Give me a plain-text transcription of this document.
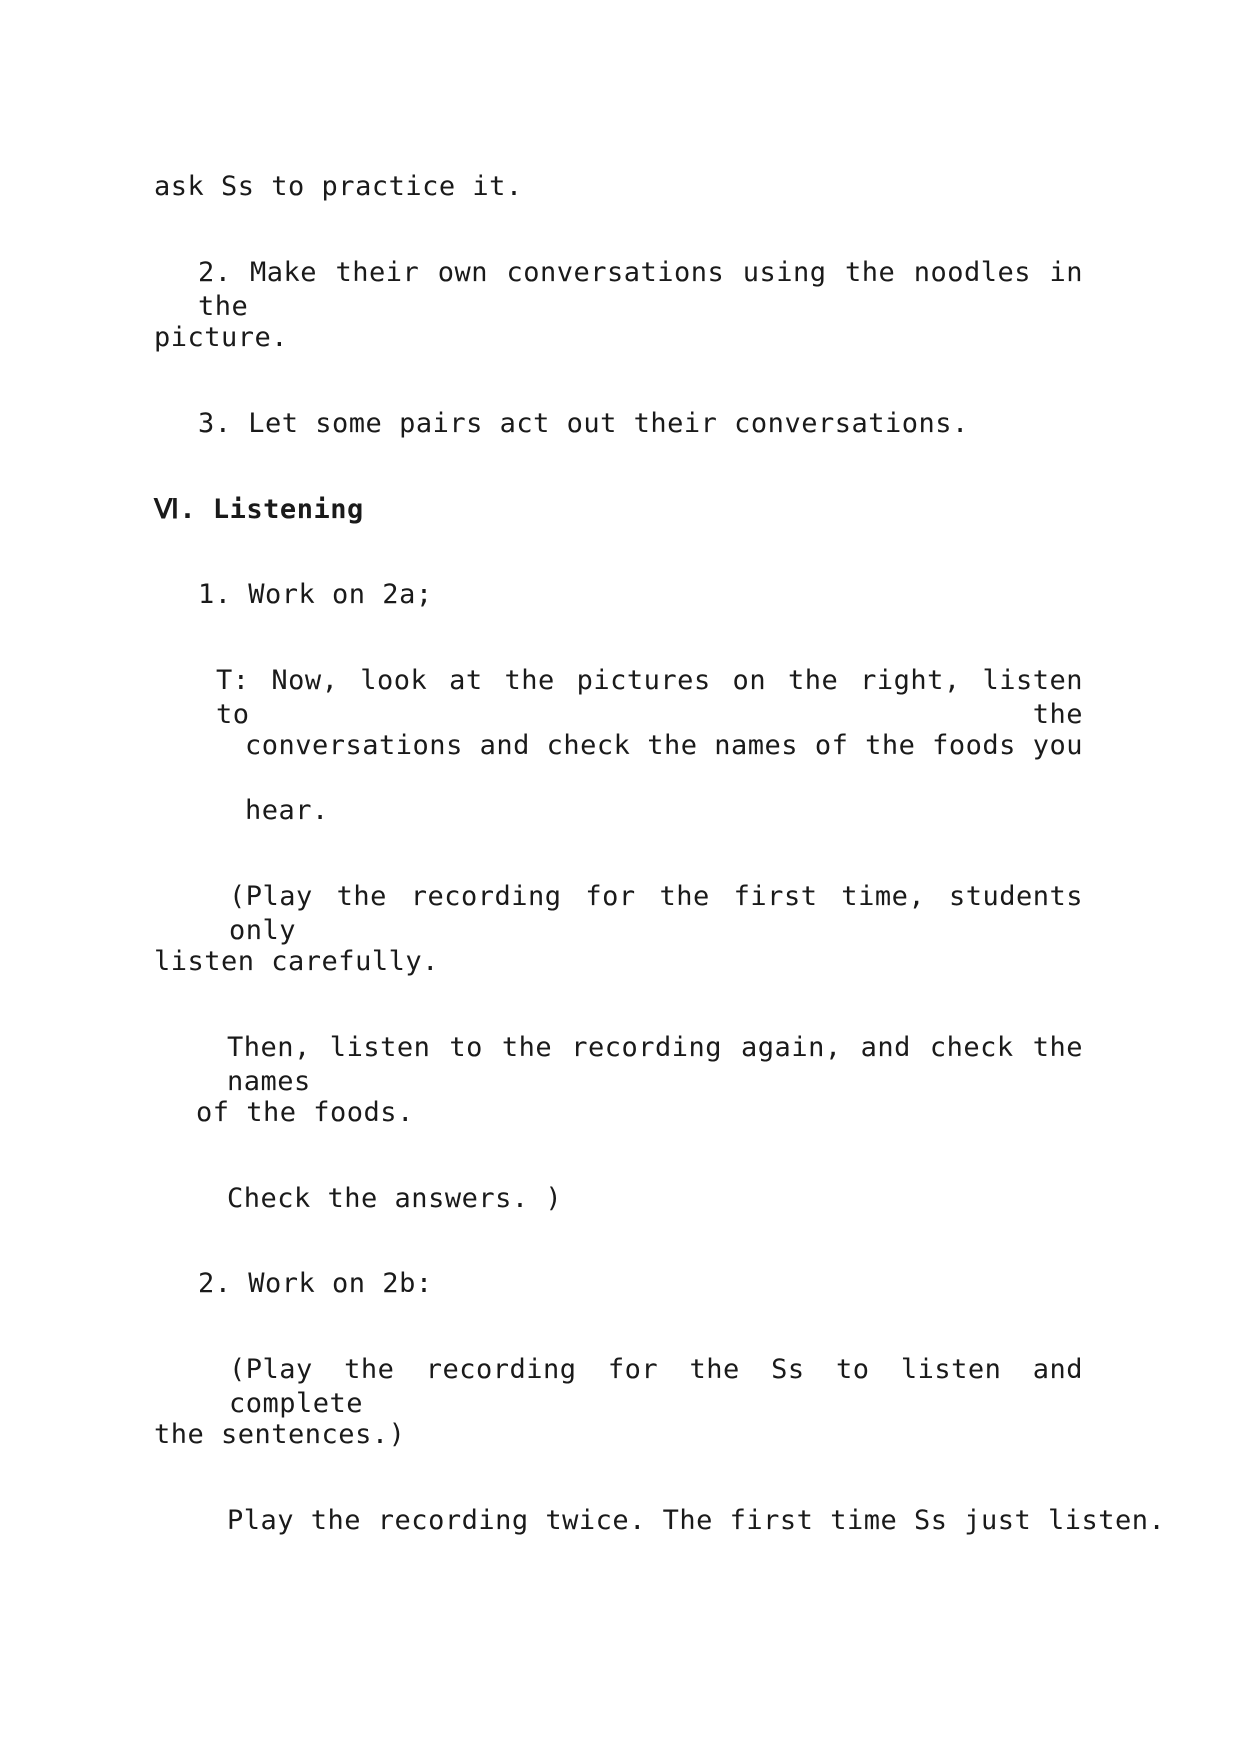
ask Ss to practice it.
2. Make their own conversations using the noodles in the
picture.
3. Let some pairs act out their conversations.
Ⅵ. Listening
1. Work on 2a;
T: Now, look at the pictures on the right, listen to the
conversations and check the names of the foods you
hear.
(Play the recording for the first time, students only
listen carefully.
Then, listen to the recording again, and check the names
of the foods.
Check the answers. )
2. Work on 2b:
(Play the recording for the Ss to listen and complete
the sentences.)
Play the recording twice. The first time Ss just listen.
